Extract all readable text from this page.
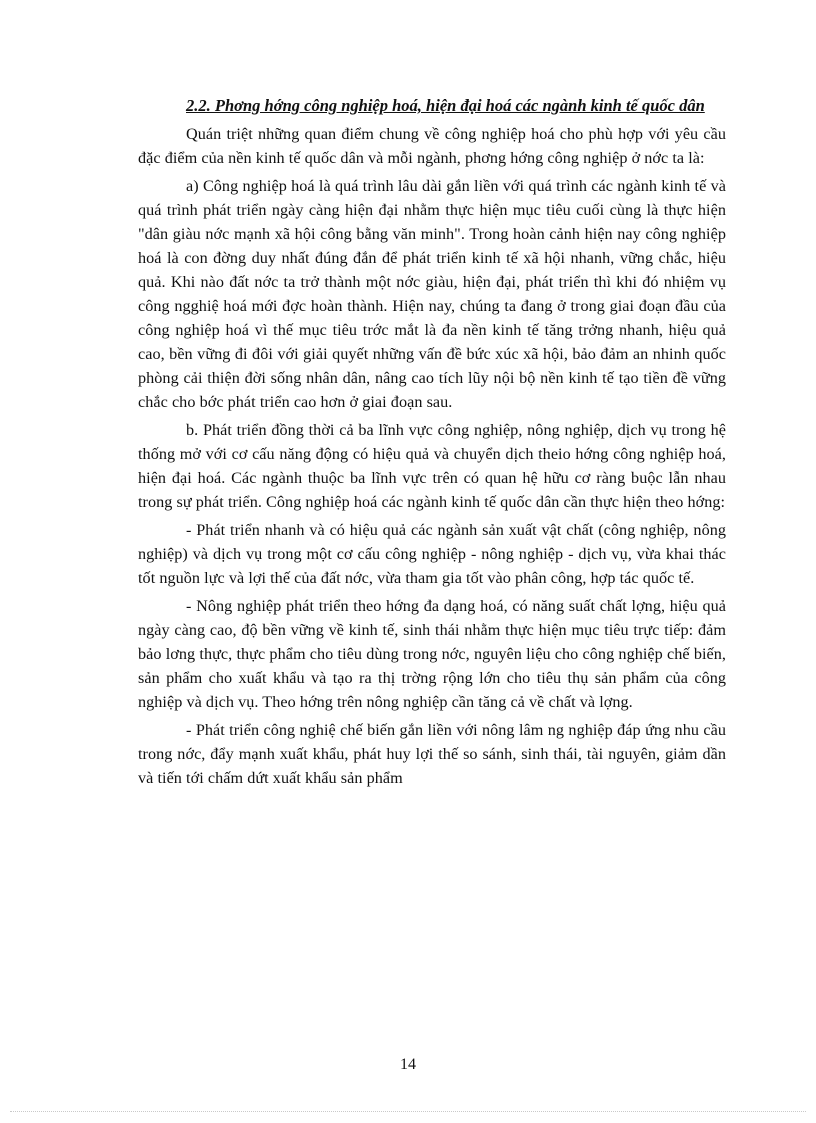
2.2. Phơng hớng công nghiệp hoá, hiện đại hoá các ngành kinh tế quốc dân

Quán triệt những quan điểm chung về công nghiệp hoá cho phù hợp với yêu cầu đặc điểm của nền kinh tế quốc dân và mỗi ngành, phơng hớng công nghiệp ở nớc ta là:

a) Công nghiệp hoá là quá trình lâu dài gắn liền với quá trình các ngành kinh tế và quá trình phát triển ngày càng hiện đại nhằm thực hiện mục tiêu cuối cùng là thực hiện "dân giàu nớc mạnh xã hội công bằng văn minh". Trong hoàn cảnh hiện nay công nghiệp hoá là con đờng duy nhất đúng đắn để phát triển kinh tế xã hội nhanh, vững chắc, hiệu quả. Khi nào đất nớc ta trở thành một nớc giàu, hiện đại, phát triển thì khi đó nhiệm vụ công ngghiệ hoá mới đợc hoàn thành. Hiện nay, chúng ta đang ở trong giai đoạn đầu của công nghiệp hoá vì thế mục tiêu trớc mắt là đa nền kinh tế tăng trởng nhanh, hiệu quả cao, bền vững đi đôi với giải quyết những vấn đề bức xúc xã hội, bảo đảm an nhinh quốc phòng cải thiện đời sống nhân dân, nâng cao tích lũy nội bộ nền kinh tế tạo tiền đề vững chắc cho bớc phát triển cao hơn ở giai đoạn sau.

b. Phát triển đồng thời cả ba lĩnh vực công nghiệp, nông nghiệp, dịch vụ trong hệ thống mở với cơ cấu năng động có hiệu quả và chuyển dịch theio hớng công nghiệp hoá, hiện đại hoá. Các ngành thuộc ba lĩnh vực trên có quan hệ hữu cơ ràng buộc lẫn nhau trong sự phát triển. Công nghiệp hoá các ngành kinh tế quốc dân cần thực hiện theo hớng:

- Phát triển nhanh và có hiệu quả các ngành sản xuất vật chất (công nghiệp, nông nghiệp) và dịch vụ trong một cơ cấu công nghiệp - nông nghiệp - dịch vụ, vừa khai thác tốt nguồn lực và lợi thế của đất nớc, vừa tham gia tốt vào phân công, hợp tác quốc tế.

- Nông nghiệp phát triển theo hớng đa dạng hoá, có năng suất chất lợng, hiệu quả ngày càng cao, độ bền vững về kinh tế, sinh thái nhằm thực hiện mục tiêu trực tiếp: đảm bảo lơng thực, thực phẩm cho tiêu dùng trong nớc, nguyên liệu cho công nghiệp chế biến, sản phẩm cho xuất khẩu và tạo ra thị trờng rộng lớn cho tiêu thụ sản phẩm của công nghiệp và dịch vụ. Theo hớng trên nông nghiệp cần tăng cả về chất và lợng.

- Phát triển công nghiệ chế biến gắn liền với nông lâm ng nghiệp đáp ứng nhu cầu trong nớc, đẩy mạnh xuất khẩu, phát huy lợi thế so sánh, sinh thái, tài nguyên, giảm dần và tiến tới chấm dứt xuất khẩu sản phẩm

14
